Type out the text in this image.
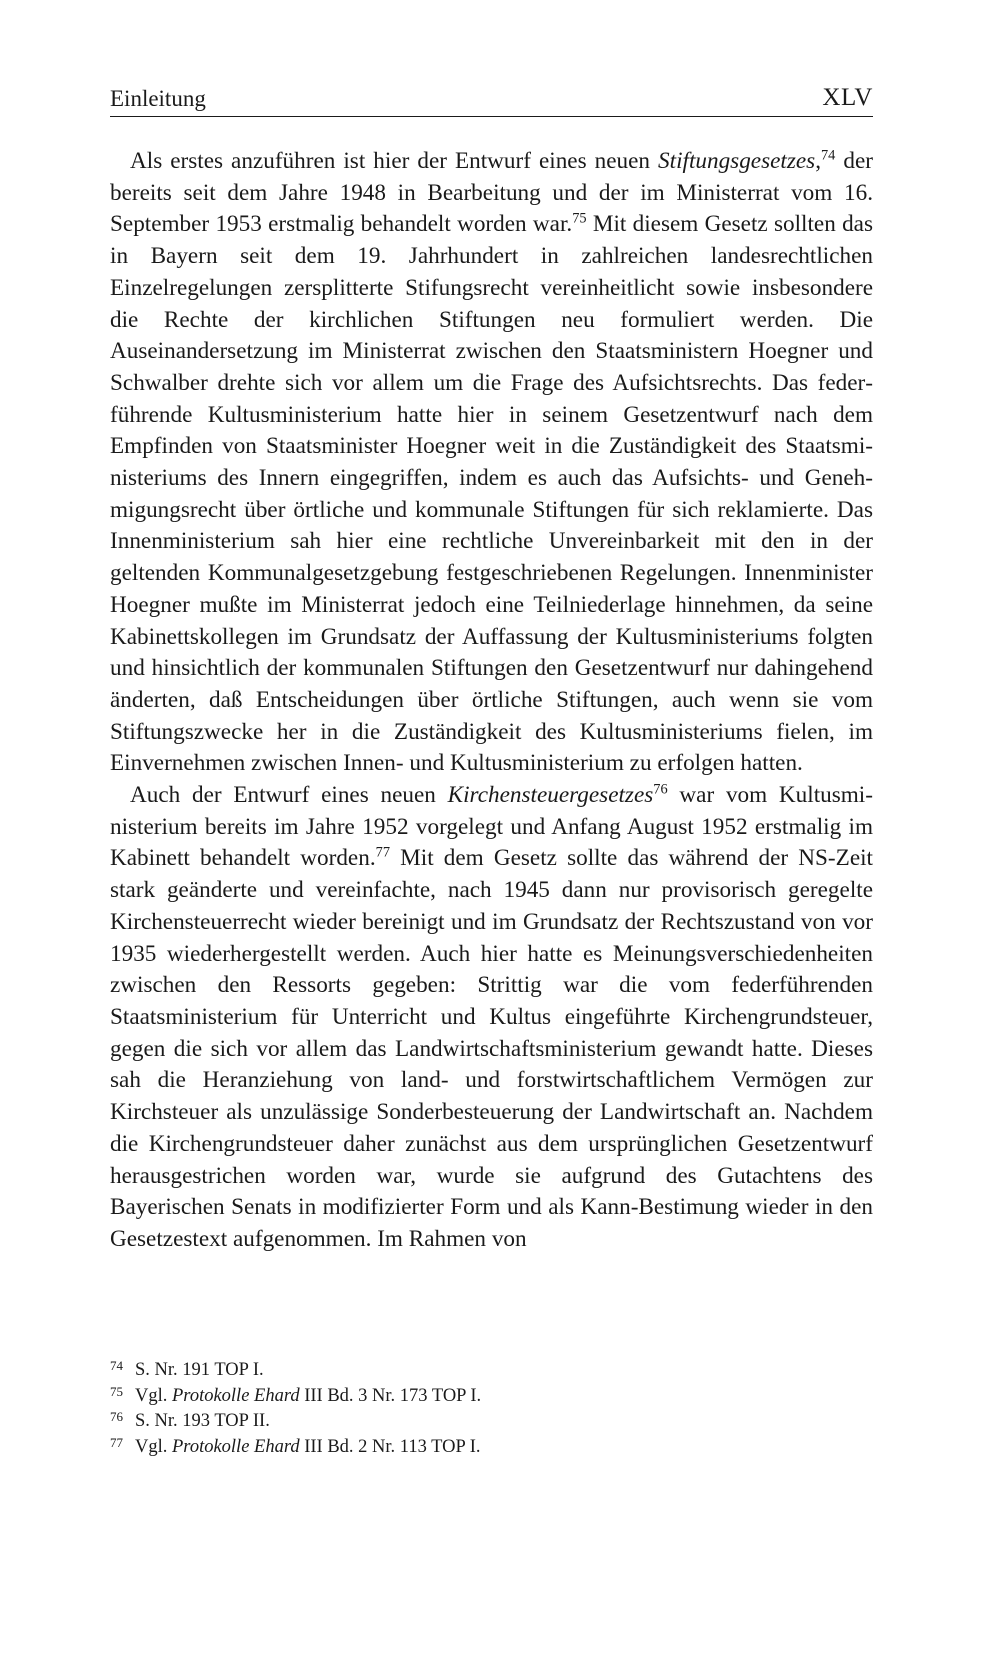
Einleitung	XLV

Als erstes anzuführen ist hier der Entwurf eines neuen Stiftungsgesetzes,$^{74}$ der bereits seit dem Jahre 1948 in Bearbeitung und der im Ministerrat vom 16. September 1953 erstmalig behandelt worden war.$^{75}$ Mit diesem Gesetz sollten das in Bayern seit dem 19. Jahrhundert in zahlreichen landesrechtlichen Einzelregelungen zersplitterte Stifungsrecht vereinheitlicht sowie insbesondere die Rechte der kirchlichen Stiftungen neu formuliert werden. Die Auseinandersetzung im Ministerrat zwischen den Staatsministern Hoegner und Schwalber drehte sich vor allem um die Frage des Aufsichtsrechts. Das federführende Kultusministerium hatte hier in seinem Gesetzentwurf nach dem Empfinden von Staatsminister Hoegner weit in die Zuständigkeit des Staatsministeriums des Innern eingegriffen, indem es auch das Aufsichts- und Genehmigungsrecht über örtliche und kommunale Stiftungen für sich reklamierte. Das Innenministerium sah hier eine rechtliche Unvereinbarkeit mit den in der geltenden Kommunalgesetzgebung festgeschriebenen Regelungen. Innenminister Hoegner mußte im Ministerrat jedoch eine Teilniederlage hinnehmen, da seine Kabinettskollegen im Grundsatz der Auffassung der Kultusministeriums folgten und hinsichtlich der kommunalen Stiftungen den Gesetzentwurf nur dahingehend änderten, daß Entscheidungen über örtliche Stiftungen, auch wenn sie vom Stiftungszwecke her in die Zuständigkeit des Kultusministeriums fielen, im Einvernehmen zwischen Innen- und Kultusministerium zu erfolgen hatten.

Auch der Entwurf eines neuen Kirchensteuergesetzes$^{76}$ war vom Kultusministerium bereits im Jahre 1952 vorgelegt und Anfang August 1952 erstmalig im Kabinett behandelt worden.$^{77}$ Mit dem Gesetz sollte das während der NS-Zeit stark geänderte und vereinfachte, nach 1945 dann nur provisorisch geregelte Kirchensteuerrecht wieder bereinigt und im Grundsatz der Rechtszustand von vor 1935 wiederhergestellt werden. Auch hier hatte es Meinungsverschiedenheiten zwischen den Ressorts gegeben: Strittig war die vom federführenden Staatsministerium für Unterricht und Kultus eingeführte Kirchengrundsteuer, gegen die sich vor allem das Landwirtschaftsministerium gewandt hatte. Dieses sah die Heranziehung von land- und forstwirtschaftlichem Vermögen zur Kirchsteuer als unzulässige Sonderbesteuerung der Landwirtschaft an. Nachdem die Kirchengrundsteuer daher zunächst aus dem ursprünglichen Gesetzentwurf herausgestrichen worden war, wurde sie aufgrund des Gutachtens des Bayerischen Senats in modifizierter Form und als Kann-Bestimung wieder in den Gesetzestext aufgenommen. Im Rahmen von

74 S. Nr. 191 TOP I.
75 Vgl. Protokolle Ehard III Bd. 3 Nr. 173 TOP I.
76 S. Nr. 193 TOP II.
77 Vgl. Protokolle Ehard III Bd. 2 Nr. 113 TOP I.
